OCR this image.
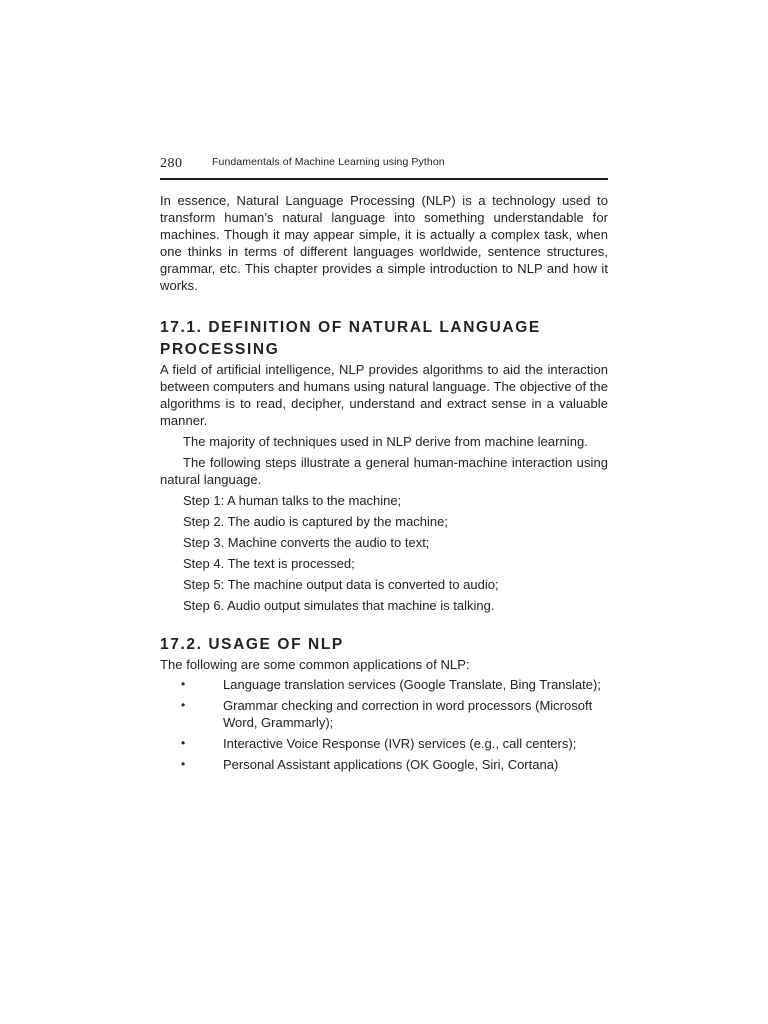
280	Fundamentals of Machine Learning using Python

In essence, Natural Language Processing (NLP) is a technology used to transform human’s natural language into something understandable for machines. Though it may appear simple, it is actually a complex task, when one thinks in terms of different languages worldwide, sentence structures, grammar, etc. This chapter provides a simple introduction to NLP and how it works.

17.1. DEFINITION OF NATURAL LANGUAGE PROCESSING

A field of artificial intelligence, NLP provides algorithms to aid the interaction between computers and humans using natural language. The objective of the algorithms is to read, decipher, understand and extract sense in a valuable manner.

The majority of techniques used in NLP derive from machine learning.

The following steps illustrate a general human-machine interaction using natural language.

Step 1: A human talks to the machine;
Step 2. The audio is captured by the machine;
Step 3. Machine converts the audio to text;
Step 4. The text is processed;
Step 5: The machine output data is converted to audio;
Step 6. Audio output simulates that machine is talking.
17.2. USAGE OF NLP

The following are some common applications of NLP:

•	Language translation services (Google Translate, Bing Translate);
•	Grammar checking and correction in word processors (Microsoft Word, Grammarly);
•	Interactive Voice Response (IVR) services (e.g., call centers);
•	Personal Assistant applications (OK Google, Siri, Cortana)
